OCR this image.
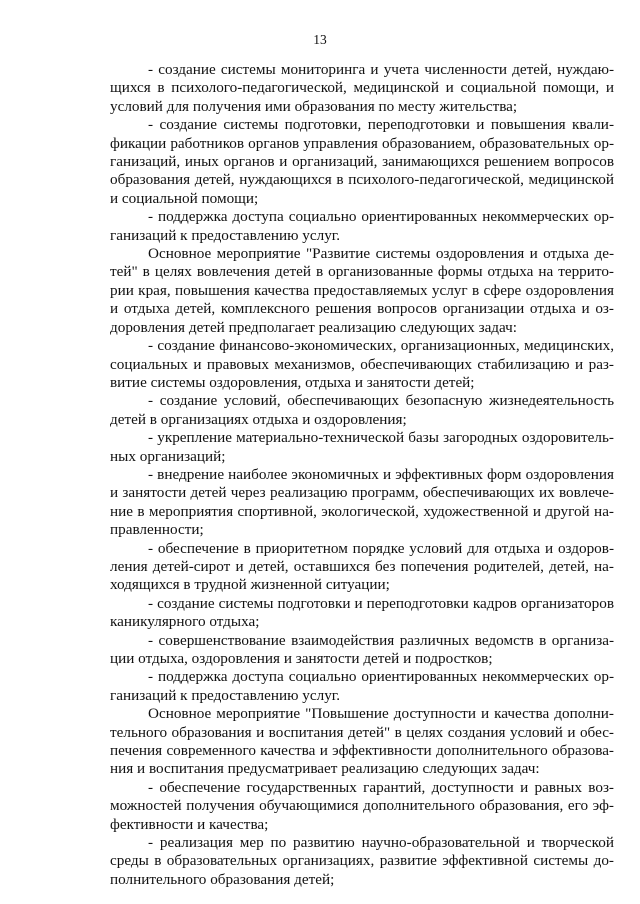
13

- создание системы мониторинга и учета численности детей, нуждаю-щихся в психолого-педагогической, медицинской и социальной помощи, и условий для получения ими образования по месту жительства;

- создание системы подготовки, переподготовки и повышения квали-фикации работников органов управления образованием, образовательных ор-ганизаций, иных органов и организаций, занимающихся решением вопросов образования детей, нуждающихся в психолого-педагогической, медицинской и социальной помощи;

- поддержка доступа социально ориентированных некоммерческих ор-ганизаций к предоставлению услуг.

Основное мероприятие "Развитие системы оздоровления и отдыха де-тей" в целях вовлечения детей в организованные формы отдыха на террито-рии края, повышения качества предоставляемых услуг в сфере оздоровления и отдыха детей, комплексного решения вопросов организации отдыха и оз-доровления детей предполагает реализацию следующих задач:

- создание финансово-экономических, организационных, медицинских, социальных и правовых механизмов, обеспечивающих стабилизацию и раз-витие системы оздоровления, отдыха и занятости детей;

- создание условий, обеспечивающих безопасную жизнедеятельность детей в организациях отдыха и оздоровления;

- укрепление материально-технической базы загородных оздоровитель-ных организаций;

- внедрение наиболее экономичных и эффективных форм оздоровления и занятости детей через реализацию программ, обеспечивающих их вовлече-ние в мероприятия спортивной, экологической, художественной и другой на-правленности;

- обеспечение в приоритетном порядке условий для отдыха и оздоров-ления детей-сирот и детей, оставшихся без попечения родителей, детей, на-ходящихся в трудной жизненной ситуации;

- создание системы подготовки и переподготовки кадров организаторов каникулярного отдыха;

- совершенствование взаимодействия различных ведомств в организа-ции отдыха, оздоровления и занятости детей и подростков;

- поддержка доступа социально ориентированных некоммерческих ор-ганизаций к предоставлению услуг.

Основное мероприятие "Повышение доступности и качества дополни-тельного образования и воспитания детей" в целях создания условий и обес-печения современного качества и эффективности дополнительного образова-ния и воспитания предусматривает реализацию следующих задач:

- обеспечение государственных гарантий, доступности и равных воз-можностей получения обучающимися дополнительного образования, его эф-фективности и качества;

- реализация мер по развитию научно-образовательной и творческой среды в образовательных организациях, развитие эффективной системы до-полнительного образования детей;
